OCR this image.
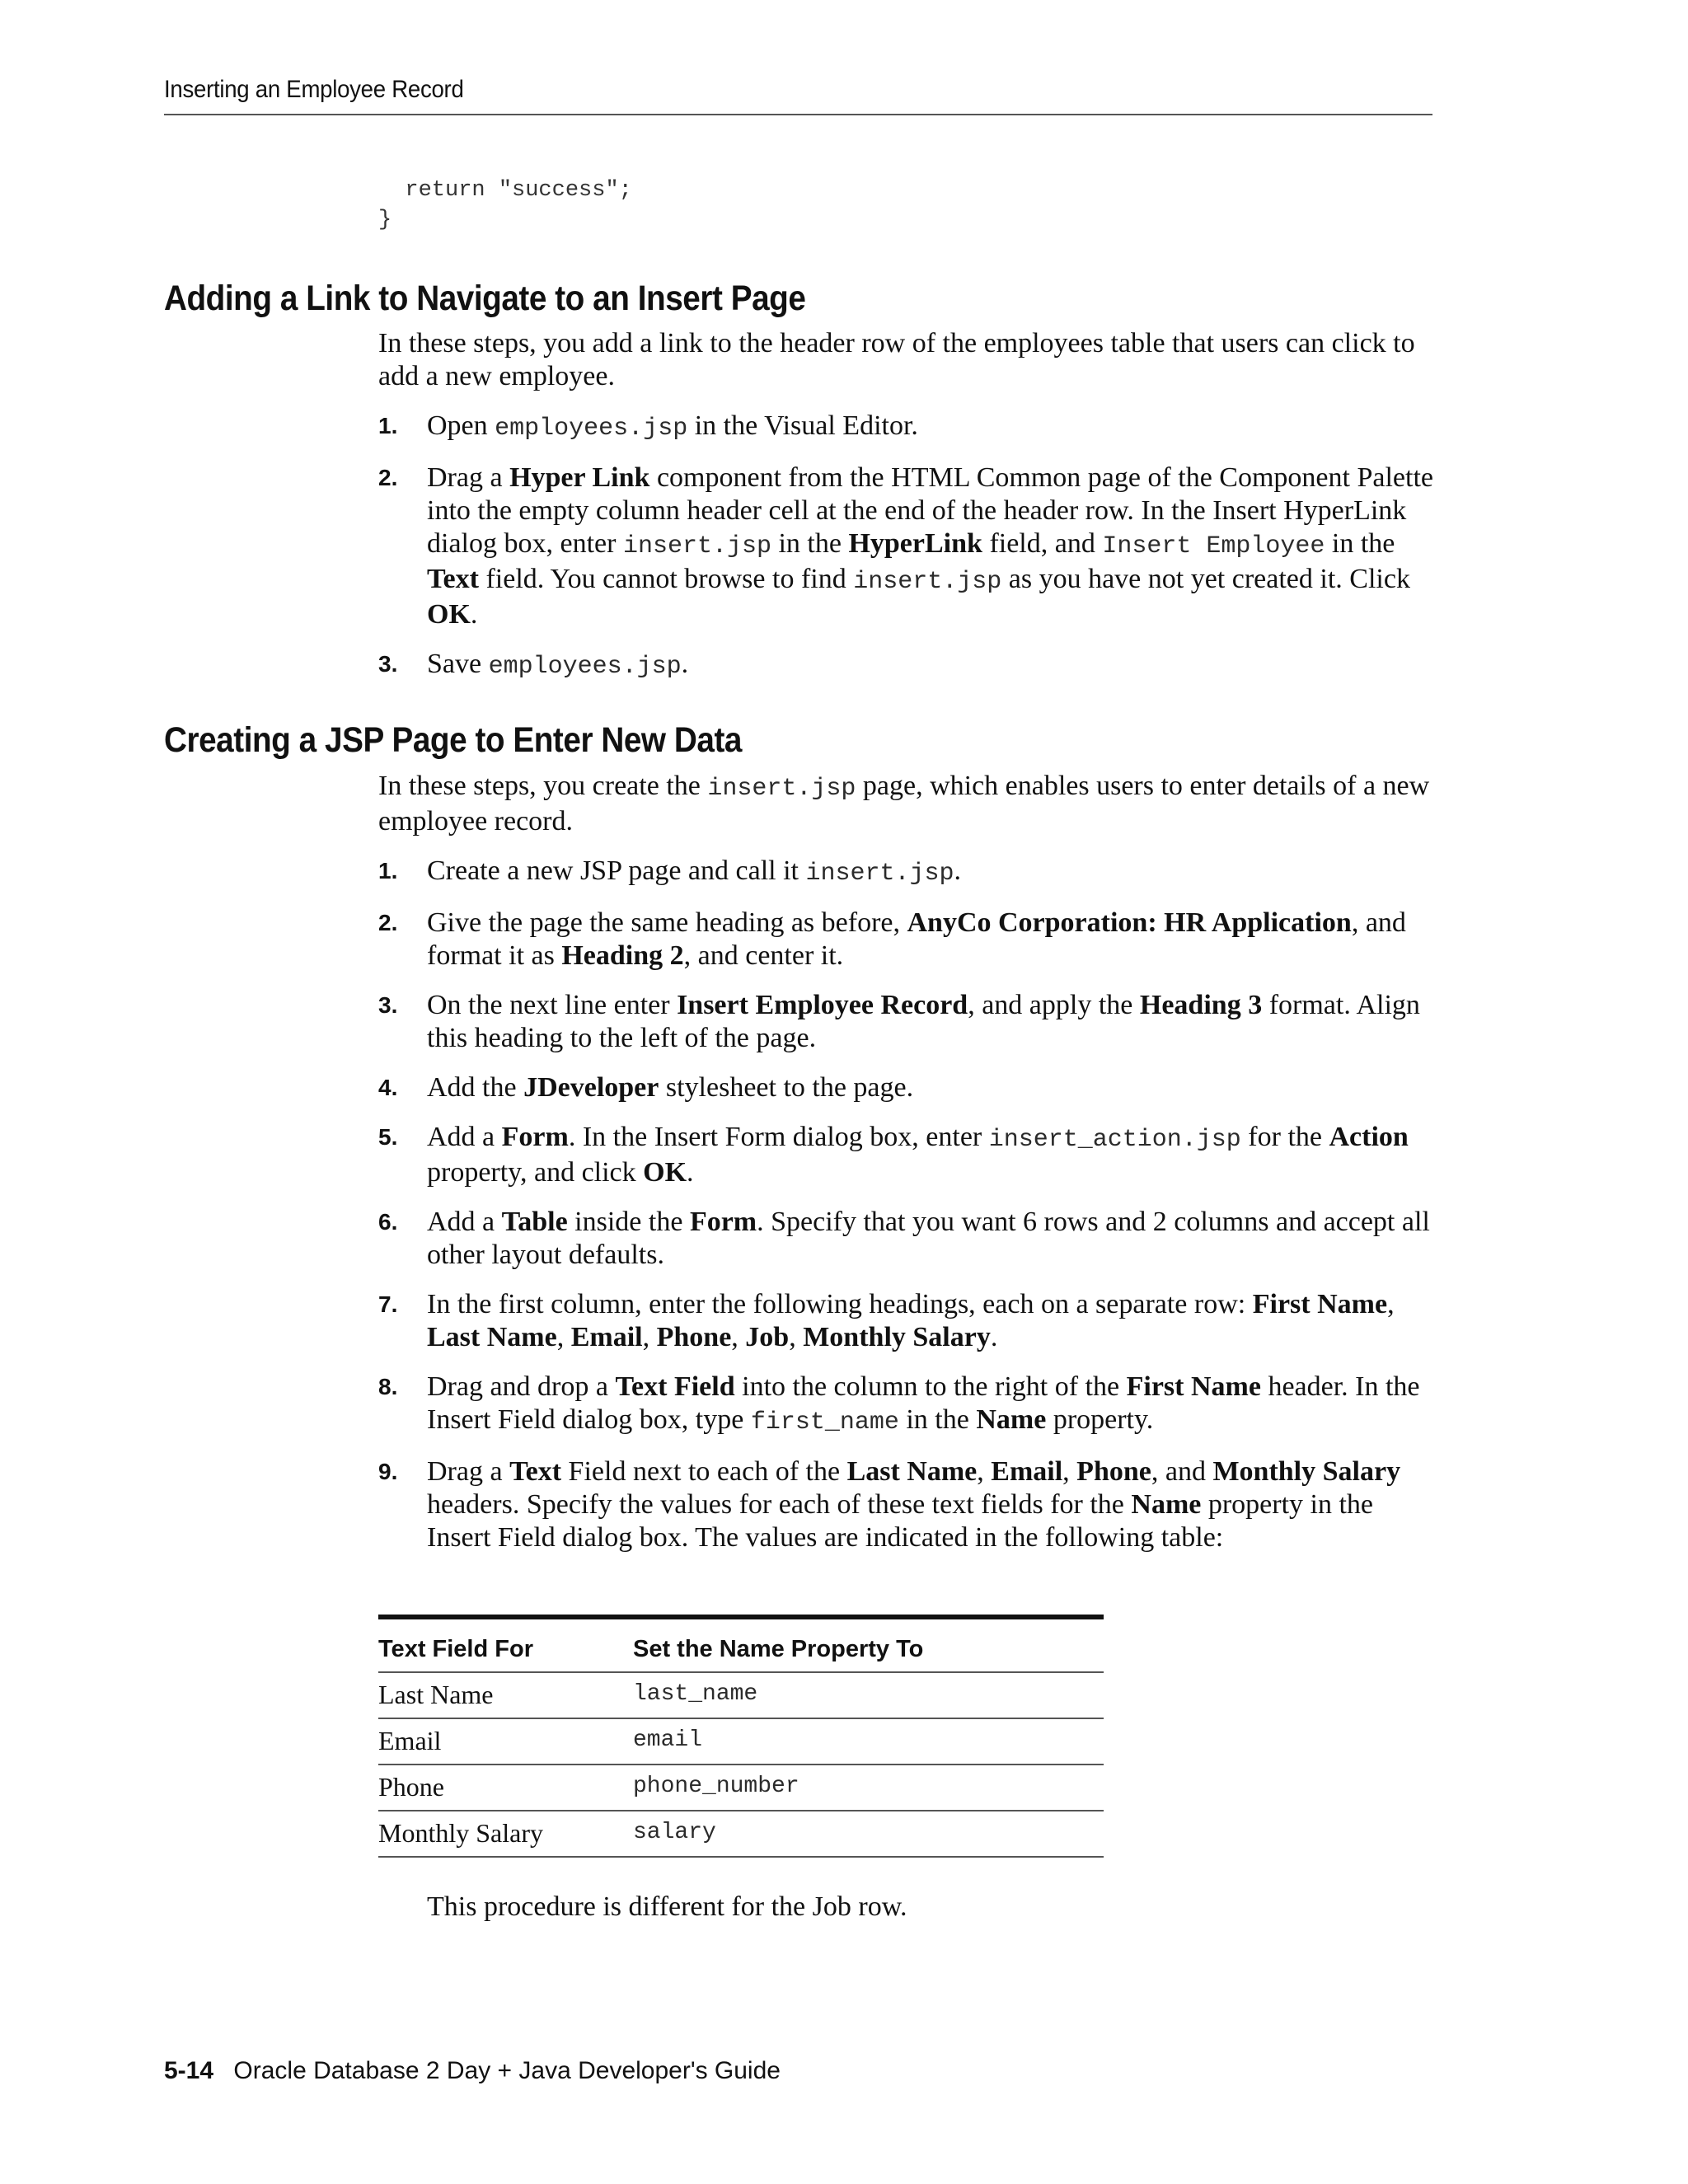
Inserting an Employee Record
return "success";
}
Adding a Link to Navigate to an Insert Page

In these steps, you add a link to the header row of the employees table that users can click to add a new employee.

1. Open employees.jsp in the Visual Editor.
2. Drag a Hyper Link component from the HTML Common page of the Component Palette into the empty column header cell at the end of the header row. In the Insert HyperLink dialog box, enter insert.jsp in the HyperLink field, and Insert Employee in the Text field. You cannot browse to find insert.jsp as you have not yet created it. Click OK.
3. Save employees.jsp.
Creating a JSP Page to Enter New Data

In these steps, you create the insert.jsp page, which enables users to enter details of a new employee record.

1. Create a new JSP page and call it insert.jsp.
2. Give the page the same heading as before, AnyCo Corporation: HR Application, and format it as Heading 2, and center it.
3. On the next line enter Insert Employee Record, and apply the Heading 3 format. Align this heading to the left of the page.
4. Add the JDeveloper stylesheet to the page.
5. Add a Form. In the Insert Form dialog box, enter insert_action.jsp for the Action property, and click OK.
6. Add a Table inside the Form. Specify that you want 6 rows and 2 columns and accept all other layout defaults.
7. In the first column, enter the following headings, each on a separate row: First Name, Last Name, Email, Phone, Job, Monthly Salary.
8. Drag and drop a Text Field into the column to the right of the First Name header. In the Insert Field dialog box, type first_name in the Name property.
9. Drag a Text Field next to each of the Last Name, Email, Phone, and Monthly Salary headers. Specify the values for each of these text fields for the Name property in the Insert Field dialog box. The values are indicated in the following table:
Text Field For	Set the Name Property To
Last Name	last_name
Email	email
Phone	phone_number
Monthly Salary	salary
This procedure is different for the Job row.
5-14 Oracle Database 2 Day + Java Developer's Guide
